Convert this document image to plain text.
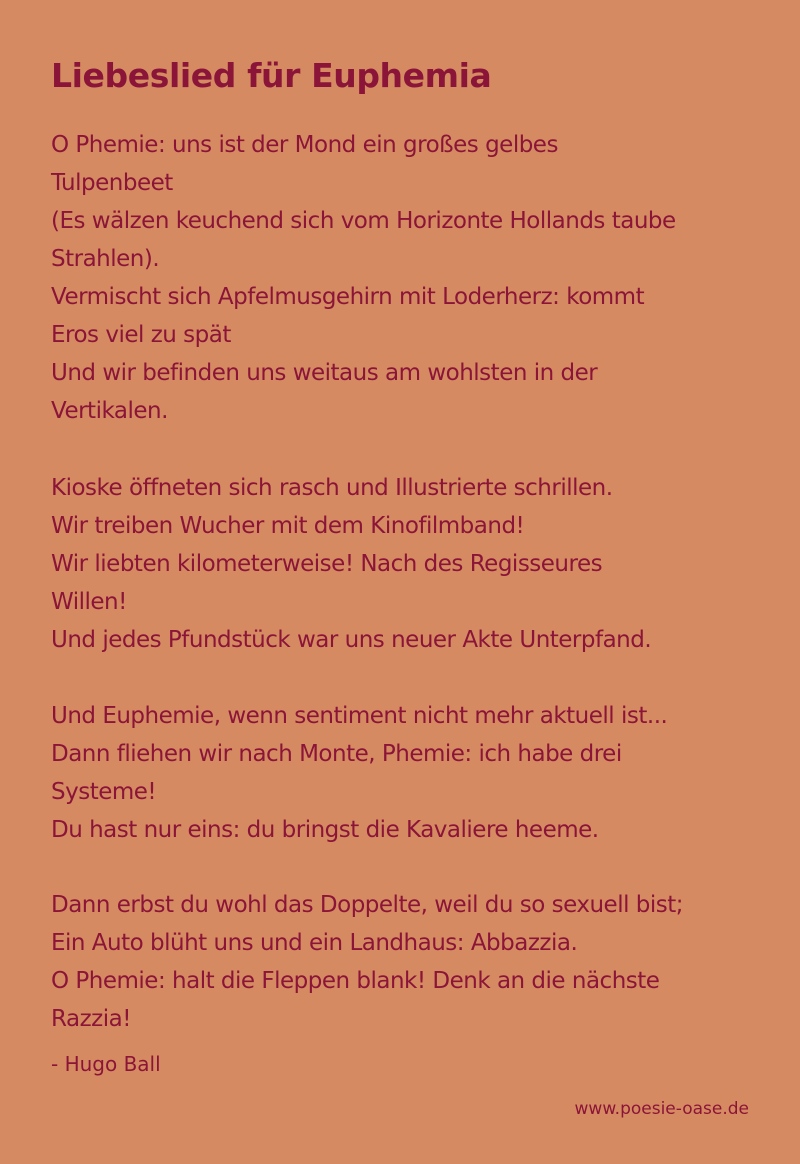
Liebeslied für Euphemia
O Phemie: uns ist der Mond ein großes gelbes
Tulpenbeet
(Es wälzen keuchend sich vom Horizonte Hollands taube
Strahlen).
Vermischt sich Apfelmusgehirn mit Loderherz: kommt
Eros viel zu spät
Und wir befinden uns weitaus am wohlsten in der
Vertikalen.
Kioske öffneten sich rasch und Illustrierte schrillen.
Wir treiben Wucher mit dem Kinofilmband!
Wir liebten kilometerweise! Nach des Regisseures
Willen!
Und jedes Pfundstück war uns neuer Akte Unterpfand.
Und Euphemie, wenn sentiment nicht mehr aktuell ist...
Dann fliehen wir nach Monte, Phemie: ich habe drei
Systeme!
Du hast nur eins: du bringst die Kavaliere heeme.
Dann erbst du wohl das Doppelte, weil du so sexuell bist;
Ein Auto blüht uns und ein Landhaus: Abbazzia.
O Phemie: halt die Fleppen blank! Denk an die nächste
Razzia!
- Hugo Ball
www.poesie-oase.de
